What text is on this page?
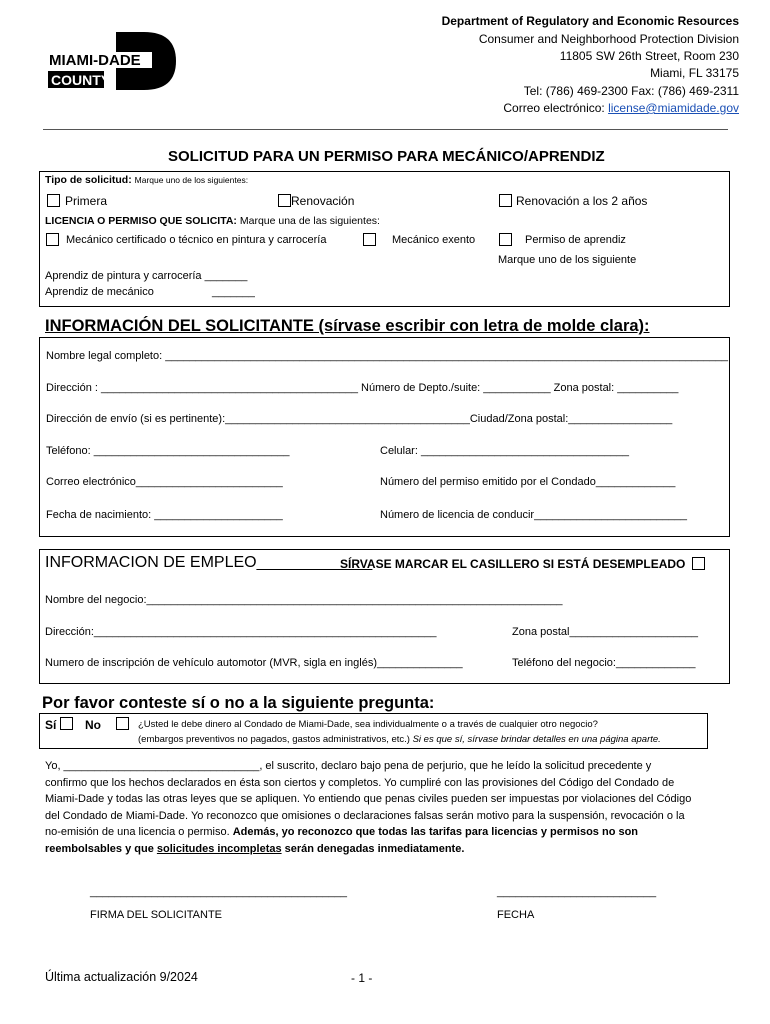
MIAMI-DADE
COUNTY
Department of Regulatory and Economic Resources
Consumer and Neighborhood Protection Division
11805 SW 26th Street, Room 230
Miami, FL 33175
Tel: (786) 469-2300 Fax: (786) 469-2311
Correo electrónico: license@miamidade.gov
SOLICITUD PARA UN PERMISO PARA MECÁNICO/APRENDIZ
Tipo de solicitud: Marque uno de los siguientes:
Primera	Renovación	Renovación a los 2 años
LICENCIA O PERMISO QUE SOLICITA: Marque una de las siguientes:
Mecánico certificado o técnico en pintura y carrocería	Mecánico exento	Permiso de aprendiz
Marque uno de los siguiente
Aprendiz de pintura y carrocería _______
Aprendiz de mecánico	_______
INFORMACIÓN DEL SOLICITANTE (sírvase escribir con letra de molde clara):
Nombre legal completo: ____________________________________________________________________________________________
Dirección : __________________________________________ Número de Depto./suite: ___________ Zona postal: __________
Dirección de envío (si es pertinente):________________________________________Ciudad/Zona postal:_________________
Teléfono: ________________________________	Celular: __________________________________
Correo electrónico________________________	Número del permiso emitido por el Condado_____________
Fecha de nacimiento: _____________________	Número de licencia de conducir_________________________
INFORMACION DE EMPLEO_____________
SÍRVASE MARCAR EL CASILLERO SI ESTÁ DESEMPLEADO
Nombre del negocio:____________________________________________________________________
Dirección:________________________________________________________	Zona postal_____________________
Numero de inscripción de vehículo automotor (MVR, sigla en inglés)______________	Teléfono del negocio:_____________
Por favor conteste sí o no a la siguiente pregunta:
Sí No	¿Usted le debe dinero al Condado de Miami-Dade, sea individualmente o a través de cualquier otro negocio?
(embargos preventivos no pagados, gastos administrativos, etc.) Si es que sí, sírvase brindar detalles en una página aparte.
Yo, ________________________________, el suscrito, declaro bajo pena de perjurio, que he leído la solicitud precedente y confirmo que los hechos declarados en ésta son ciertos y completos. Yo cumpliré con las provisiones del Código del Condado de Miami-Dade y todas las otras leyes que se apliquen. Yo entiendo que penas civiles pueden ser impuestas por violaciones del Código del Condado de Miami-Dade. Yo reconozco que omisiones o declaraciones falsas serán motivo para la suspensión, revocación o la no-emisión de una licencia o permiso. Además, yo reconozco que todas las tarifas para licencias y permisos no son reembolsables y que solicitudes incompletas serán denegadas inmediatamente.
__________________________________________
FIRMA DEL SOLICITANTE
__________________________
FECHA
Última actualización 9/2024	- 1 -
